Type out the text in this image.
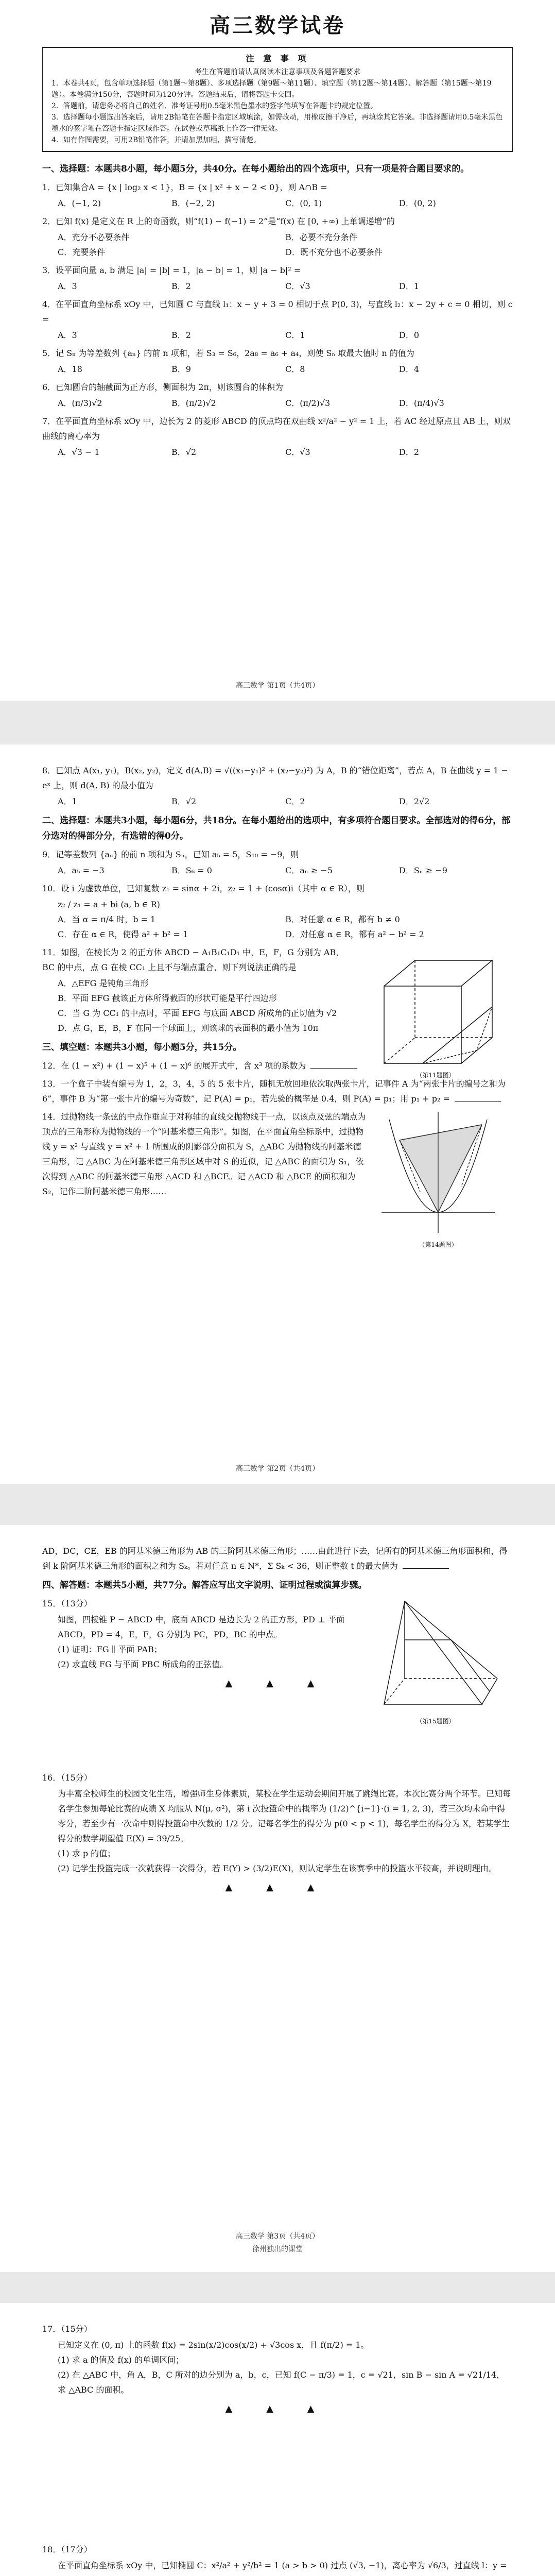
高三数学试卷
注 意 事 项
考生在答题前请认真阅读本注意事项及各题答题要求
1．本卷共4页，包含单项选择题（第1题～第8题）、多项选择题（第9题～第11题）、填空题（第12题～第14题）、解答题（第15题～第19题）。本卷满分150分，答题时间为120分钟。答题结束后，请将答题卡交回。
2．答题前，请您务必将自己的姓名、准考证号用0.5毫米黑色墨水的签字笔填写在答题卡的规定位置。
3．选择题每小题选出答案后，请用2B铅笔在答题卡指定区域填涂，如需改动，用橡皮擦干净后，再填涂其它答案。非选择题请用0.5毫米黑色墨水的签字笔在答题卡指定区域作答。在试卷或草稿纸上作答一律无效。
4．如有作图需要，可用2B铅笔作答，并请加黑加粗，描写清楚。
一、选择题：本题共8小题，每小题5分，共40分。在每小题给出的四个选项中，只有一项是符合题目要求的。
1．已知集合A = {x | log₂ x < 1}，B = {x | x² + x − 2 < 0}，则 A∩B =
A．(−1, 2)	B．(−2, 2)	C．(0, 1)	D．(0, 2)
2．已知 f(x) 是定义在 R 上的奇函数，则“f(1) − f(−1) = 2”是“f(x) 在 [0, +∞) 上单调递增”的
A．充分不必要条件	B．必要不充分条件
C．充要条件	D．既不充分也不必要条件
3．设平面向量 a, b 满足 |a| = |b| = 1，|a − b| = 1，则 |a − b|² =
A．3	B．2	C．√3	D．1
4．在平面直角坐标系 xOy 中，已知圆 C 与直线 l₁：x − y + 3 = 0 相切于点 P(0, 3)，与直线 l₂：x − 2y + c = 0 相切，则 c =
A．3	B．2	C．1	D．0
5．记 Sₙ 为等差数列 {aₙ} 的前 n 项和，若 S₃ = S₆，2a₈ = a₆ + a₄，则使 Sₙ 取最大值时 n 的值为
A．18	B．9	C．8	D．4
6．已知圆台的轴截面为正方形，侧面积为 2π，则该圆台的体积为
A．(π/3)√2	B．(π/2)√2	C．(π/2)√3	D．(π/4)√3
7．在平面直角坐标系 xOy 中，边长为 2 的菱形 ABCD 的顶点均在双曲线 x²/a² − y² = 1 上，若 AC 经过原点且 AB 上，则双曲线的离心率为
A．√3 − 1	B．√2	C．√3	D．2
高三数学 第1页（共4页）
8．已知点 A(x₁, y₁)，B(x₂, y₂)，定义 d(A,B) = √((x₁−y₁)² + (x₂−y₂)²) 为 A，B 的“错位距离”，若点 A，B 在曲线 y = 1 − eˣ 上，则 d(A, B) 的最小值为
A．1	B．√2	C．2	D．2√2
二、选择题：本题共3小题，每小题6分，共18分。在每小题给出的选项中，有多项符合题目要求。全部选对的得6分，部分选对的得部分分，有选错的得0分。
9．记等差数列 {aₙ} 的前 n 项和为 Sₙ，已知 a₅ = 5，S₁₀ = −9，则
A．a₅ = −3	B．S₆ = 0	C．aₙ ≥ −5	D．Sₙ ≥ −9
10．设 i 为虚数单位，已知复数 z₁ = sinα + 2i，z₂ = 1 + (cosα)i（其中 α ∈ R），则
z₂ / z₁ = a + bi (a, b ∈ R)
A．当 α = π/4 时，b = 1	B．对任意 α ∈ R，都有 b ≠ 0
C．存在 α ∈ R，使得 a² + b² = 1	D．对任意 α ∈ R，都有 a² − b² = 2
11．如图，在棱长为 2 的正方体 ABCD − A₁B₁C₁D₁ 中，E，F，G 分别为 AB，BC 的中点，点 G 在棱 CC₁ 上且不与端点重合，则下列说法正确的是
A．△EFG 是钝角三角形
B．平面 EFG 截该正方体所得截面的形状可能是平行四边形
C．当 G 为 CC₁ 的中点时，平面 EFG 与底面 ABCD 所成角的正切值为 √2
D．点 G，E，B，F 在同一个球面上，则该球的表面积的最小值为 10π
（第11题图）
三、填空题：本题共3小题，每小题5分，共15分。
12．在 (1 − x²) + (1 − x)⁵ + (1 − x)⁶ 的展开式中，含 x³ 项的系数为
13．一个盒子中装有编号为 1，2，3，4，5 的 5 张卡片，随机无放回地依次取两张卡片，记事件 A 为“两张卡片的编号之和为 6”，事件 B 为“第一张卡片的编号为奇数”，记 P(A) = p₁，若先验的概率是 0.4，则 P(A) = p₁；用 p₁ + p₂ =
14．过抛物线一条弦的中点作垂直于对称轴的直线交抛物线于一点，以该点及弦的端点为顶点的三角形称为抛物线的一个“阿基米德三角形”。如图，在平面直角坐标系中，过抛物线 y = x² 与直线 y = x² + 1 所围成的阴影部分面积为 S，△ABC 为抛物线的阿基米德三角形，记 △ABC 为在阿基米德三角形区域中对 S 的近似，记 △ABC 的面积为 S₁，依次得到 △ABC 的阿基米德三角形 △ACD 和 △BCE。记 △ACD 和 △BCE 的面积和为 S₂，记作二阶阿基米德三角形……
（第14题图）
高三数学 第2页（共4页）
AD，DC，CE，EB 的阿基米德三角形为 AB 的三阶阿基米德三角形；……由此进行下去，记所有的阿基米德三角形面积和，得到 k 阶阿基米德三角形的面积之和为 Sₖ。若对任意 n ∈ N*，Σ Sₖ < 36，则正整数 t 的最大值为
四、解答题：本题共5小题，共77分。解答应写出文字说明、证明过程或演算步骤。
15．（13分）
如图，四棱锥 P − ABCD 中，底面 ABCD 是边长为 2 的正方形，PD ⊥ 平面 ABCD，PD = 4，E，F，G 分别为 PC，PD，BC 的中点。
(1) 证明：FG ∥ 平面 PAB；
(2) 求直线 FG 与平面 PBC 所成角的正弦值。
（第15题图）
▲ ▲ ▲
16．（15分）
为丰富全校师生的校园文化生活，增强师生身体素质，某校在学生运动会期间开展了跳绳比赛。本次比赛分两个环节。已知每名学生参加每轮比赛的成绩 X 均服从 N(μ, σ²)，第 i 次投篮命中的概率为 (1/2)^{i−1}·(i = 1, 2, 3)，若三次均未命中得零分，若至少有一次命中则得投篮命中次数的 1/2 分。记每名学生的得分为 p(0 < p < 1)，每名学生的得分为 X，若某学生得分的数学期望值 E(X) = 39/25。
(1) 求 p 的值；
(2) 记学生投篮完成一次就获得一次得分，若 E(Y) > (3/2)E(X)，则认定学生在该赛季中的投篮水平较高，并说明理由。
▲ ▲ ▲
高三数学 第3页（共4页）
徐州独出的课堂
17．（15分）
已知定义在 (0, π) 上的函数 f(x) = 2sin(x/2)cos(x/2) + √3cos x，且 f(π/2) = 1。
(1) 求 a 的值及 f(x) 的单调区间；
(2) 在 △ABC 中，角 A，B，C 所对的边分别为 a，b，c，已知 f(C − π/3) = 1，c = √21，sin B − sin A = √21/14，求 △ABC 的面积。
▲ ▲ ▲
18．（17分）
在平面直角坐标系 xOy 中，已知椭圆 C：x²/a² + y²/b² = 1 (a > b > 0) 过点 (√3, −1)，离心率为 √6/3，过直线 l：y =
